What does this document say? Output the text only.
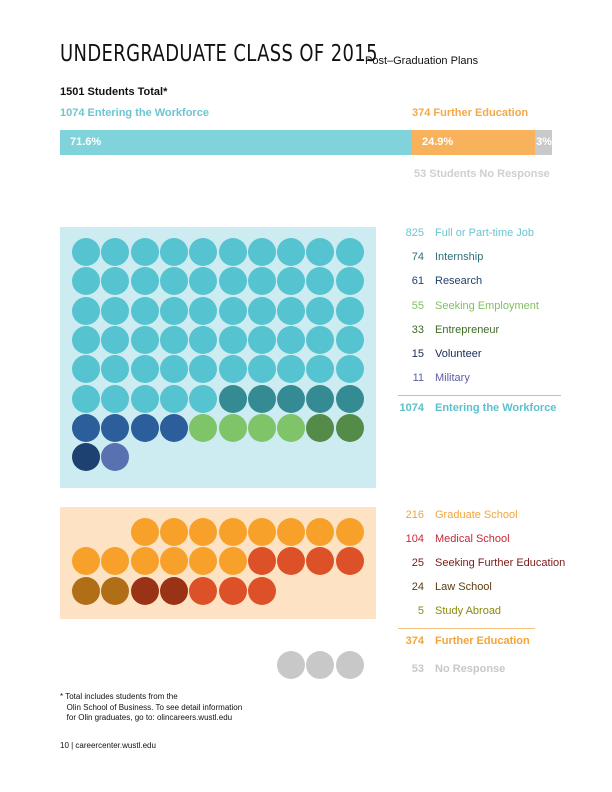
UNDERGRADUATE CLASS OF 2015
Post–Graduation Plans
1501 Students Total*
1074 Entering the Workforce	374 Further Education
71.6%	24.9%	3%
53 Students No Response
* Total includes students from the
Olin School of Business. To see detail information
for Olin graduates, go to: olincareers.wustl.edu
10 | careercenter.wustl.edu
825 Full or Part-time Job
74 Internship
61 Research
55 Seeking Employment
33 Entrepreneur
15 Volunteer
11 Military
1074 Entering the Workforce
216 Graduate School
104 Medical School
25 Seeking Further Education
24 Law School
5 Study Abroad
374 Further Education
53 No Response
